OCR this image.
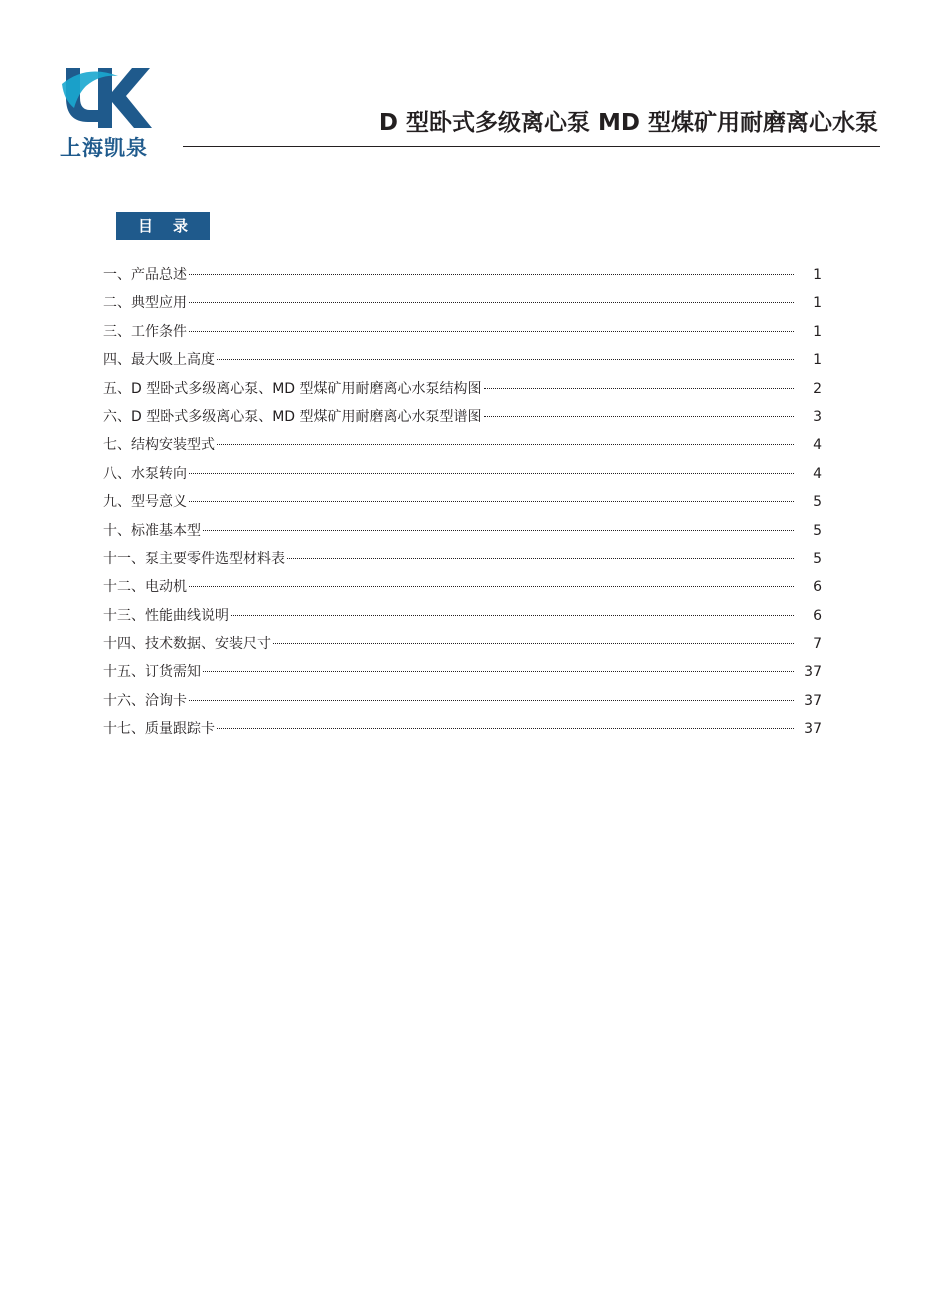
上海凯泉
D 型卧式多级离心泵 MD 型煤矿用耐磨离心水泵
目录
一、产品总述	1
二、典型应用	1
三、工作条件	1
四、最大吸上高度	1
五、D 型卧式多级离心泵、MD 型煤矿用耐磨离心水泵结构图	2
六、D 型卧式多级离心泵、MD 型煤矿用耐磨离心水泵型谱图	3
七、结构安装型式	4
八、水泵转向	4
九、型号意义	5
十、标准基本型	5
十一、泵主要零件选型材料表	5
十二、电动机	6
十三、性能曲线说明	6
十四、技术数据、安装尺寸	7
十五、订货需知	37
十六、洽询卡	37
十七、质量跟踪卡	37
